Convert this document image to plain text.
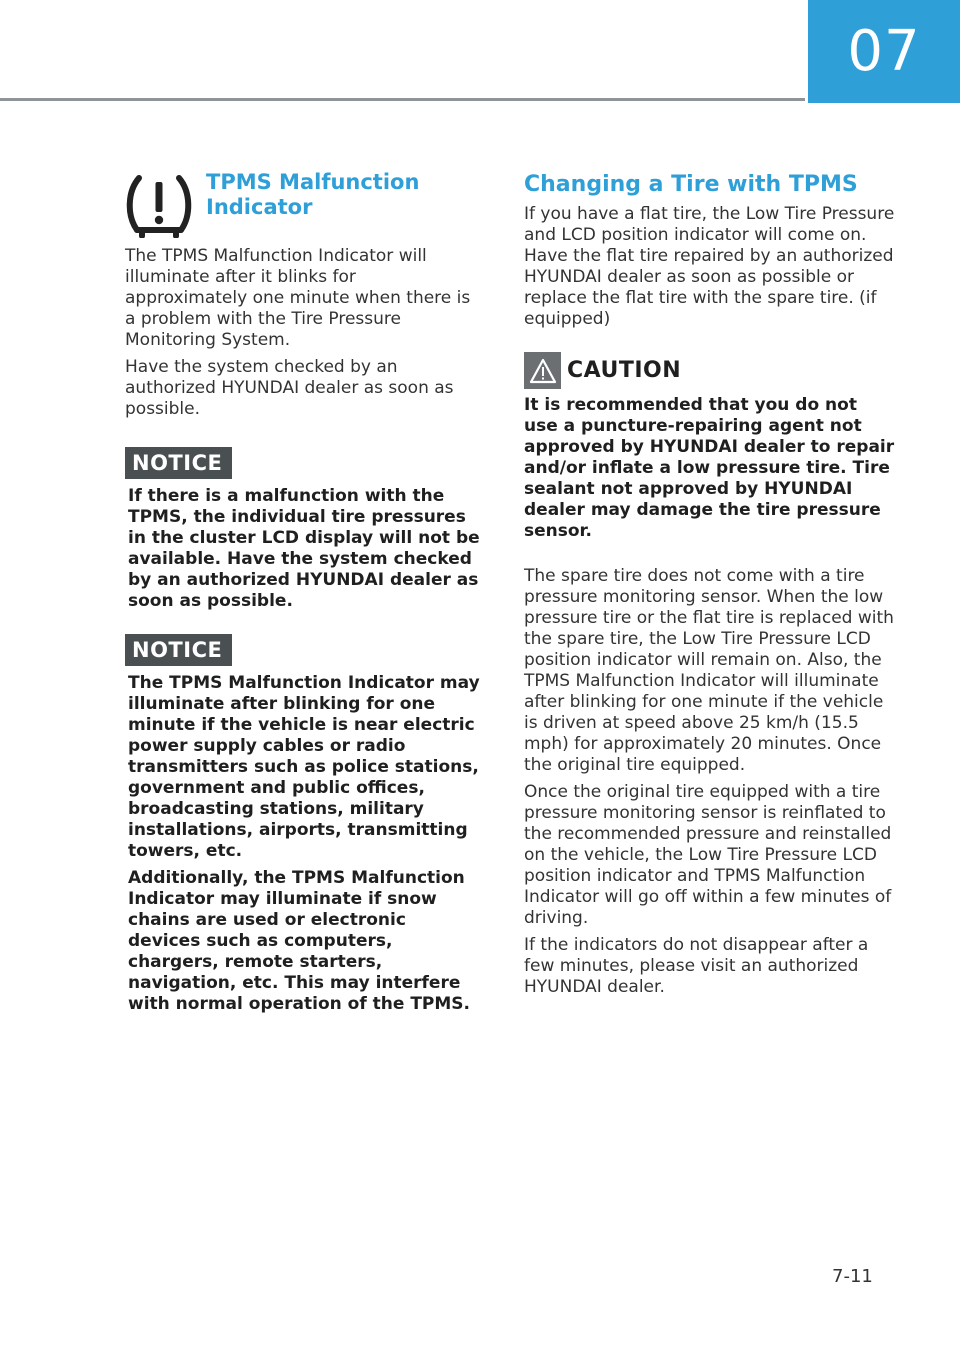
07
TPMS Malfunction
Indicator

The TPMS Malfunction Indicator will illuminate after it blinks for approximately one minute when there is a problem with the Tire Pressure Monitoring System.

Have the system checked by an authorized HYUNDAI dealer as soon as possible.

NOTICE

If there is a malfunction with the TPMS, the individual tire pressures in the cluster LCD display will not be available. Have the system checked by an authorized HYUNDAI dealer as soon as possible.

NOTICE

The TPMS Malfunction Indicator may illuminate after blinking for one minute if the vehicle is near electric power supply cables or radio transmitters such as police stations, government and public offices, broadcasting stations, military installations, airports, transmitting towers, etc.

Additionally, the TPMS Malfunction Indicator may illuminate if snow chains are used or electronic devices such as computers, chargers, remote starters, navigation, etc. This may interfere with normal operation of the TPMS.

Changing a Tire with TPMS

If you have a flat tire, the Low Tire Pressure and LCD position indicator will come on. Have the flat tire repaired by an authorized HYUNDAI dealer as soon as possible or replace the flat tire with the spare tire. (if equipped)

CAUTION

It is recommended that you do not use a puncture-repairing agent not approved by HYUNDAI dealer to repair and/or inflate a low pressure tire. Tire sealant not approved by HYUNDAI dealer may damage the tire pressure sensor.

The spare tire does not come with a tire pressure monitoring sensor. When the low pressure tire or the flat tire is replaced with the spare tire, the Low Tire Pressure LCD position indicator will remain on. Also, the TPMS Malfunction Indicator will illuminate after blinking for one minute if the vehicle is driven at speed above 25 km/h (15.5 mph) for approximately 20 minutes. Once the original tire equipped.

Once the original tire equipped with a tire pressure monitoring sensor is reinflated to the recommended pressure and reinstalled on the vehicle, the Low Tire Pressure LCD position indicator and TPMS Malfunction Indicator will go off within a few minutes of driving.

If the indicators do not disappear after a few minutes, please visit an authorized HYUNDAI dealer.

7-11
